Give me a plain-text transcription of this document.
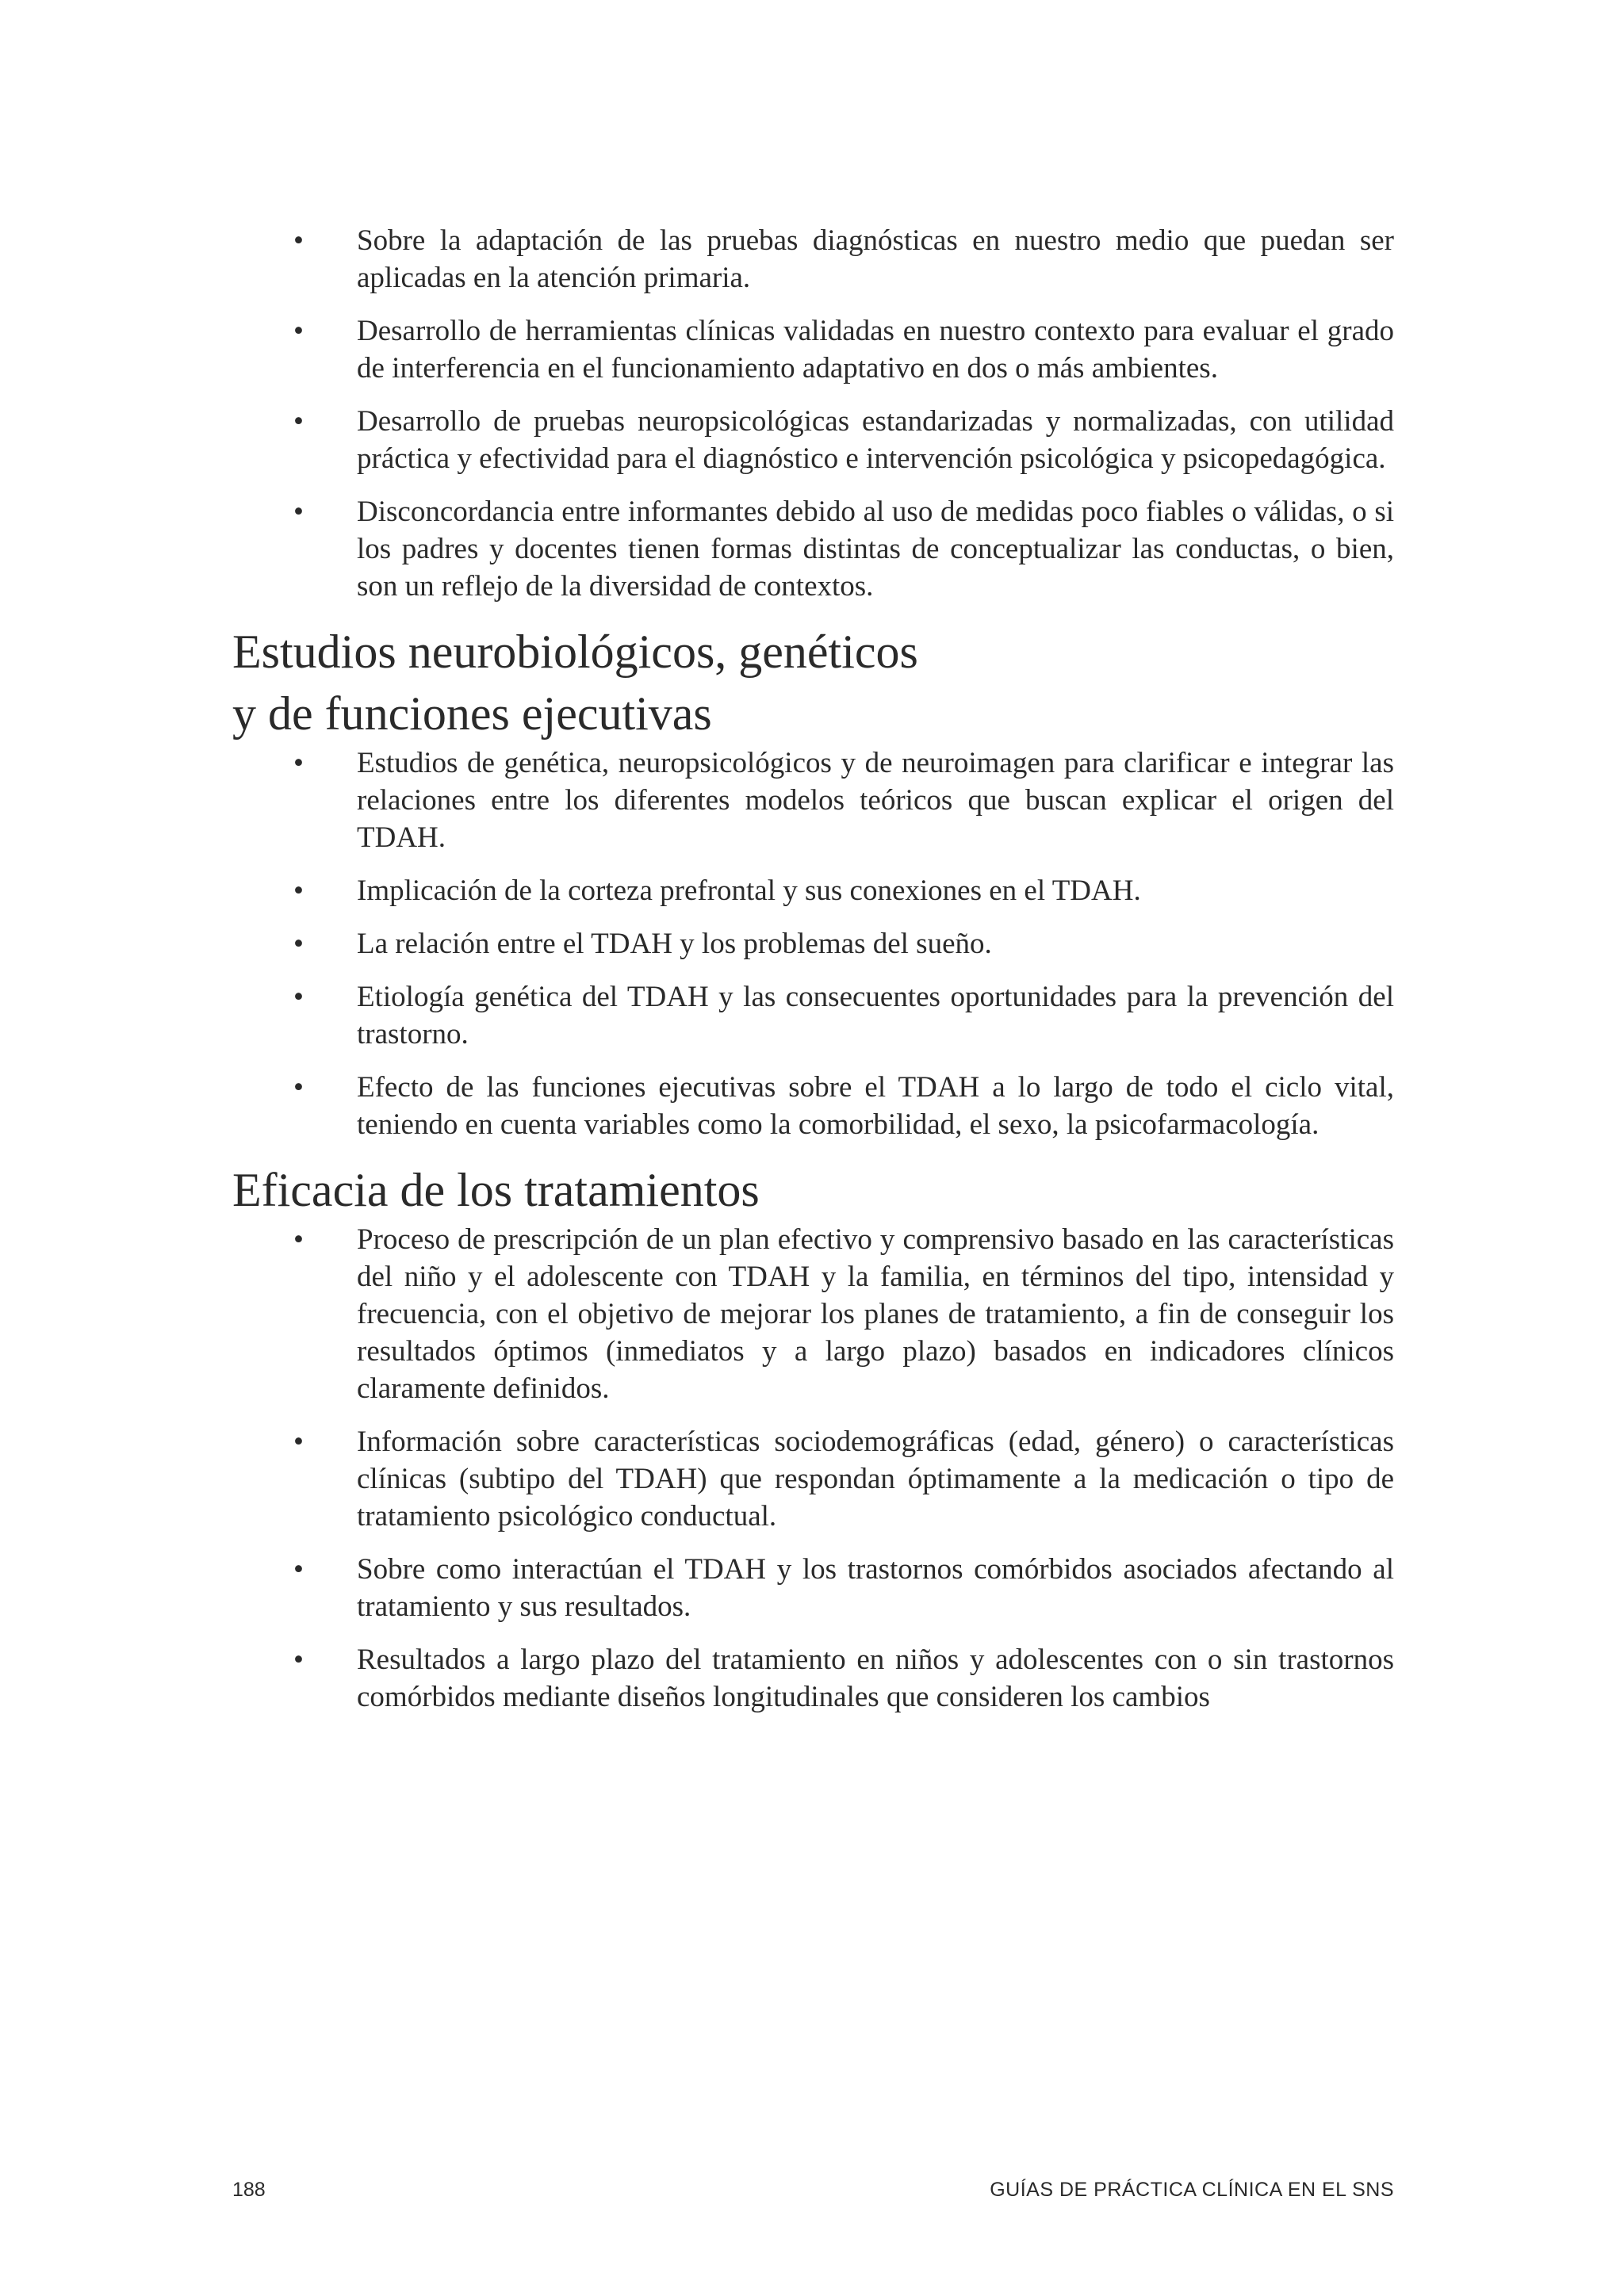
• Sobre la adaptación de las pruebas diagnósticas en nuestro medio que puedan ser aplicadas en la atención primaria.
• Desarrollo de herramientas clínicas validadas en nuestro contexto para evaluar el grado de interferencia en el funcionamiento adaptativo en dos o más ambientes.
• Desarrollo de pruebas neuropsicológicas estandarizadas y normalizadas, con utilidad práctica y efectividad para el diagnóstico e intervención psicológica y psicopedagógica.
• Disconcordancia entre informantes debido al uso de medidas poco fiables o válidas, o si los padres y docentes tienen formas distintas de conceptualizar las conductas, o bien, son un reflejo de la diversidad de contextos.
Estudios neurobiológicos, genéticos
y de funciones ejecutivas
• Estudios de genética, neuropsicológicos y de neuroimagen para clarificar e integrar las relaciones entre los diferentes modelos teóricos que buscan explicar el origen del TDAH.
• Implicación de la corteza prefrontal y sus conexiones en el TDAH.
• La relación entre el TDAH y los problemas del sueño.
• Etiología genética del TDAH y las consecuentes oportunidades para la prevención del trastorno.
• Efecto de las funciones ejecutivas sobre el TDAH a lo largo de todo el ciclo vital, teniendo en cuenta variables como la comorbilidad, el sexo, la psicofarmacología.
Eficacia de los tratamientos
• Proceso de prescripción de un plan efectivo y comprensivo basado en las características del niño y el adolescente con TDAH y la familia, en términos del tipo, intensidad y frecuencia, con el objetivo de mejorar los planes de tratamiento, a fin de conseguir los resultados óptimos (inmediatos y a largo plazo) basados en indicadores clínicos claramente definidos.
• Información sobre características sociodemográficas (edad, género) o características clínicas (subtipo del TDAH) que respondan óptimamente a la medicación o tipo de tratamiento psicológico conductual.
• Sobre como interactúan el TDAH y los trastornos comórbidos asociados afectando al tratamiento y sus resultados.
• Resultados a largo plazo del tratamiento en niños y adolescentes con o sin trastornos comórbidos mediante diseños longitudinales que consideren los cambios
188	GUÍAS DE PRÁCTICA CLÍNICA EN EL SNS
